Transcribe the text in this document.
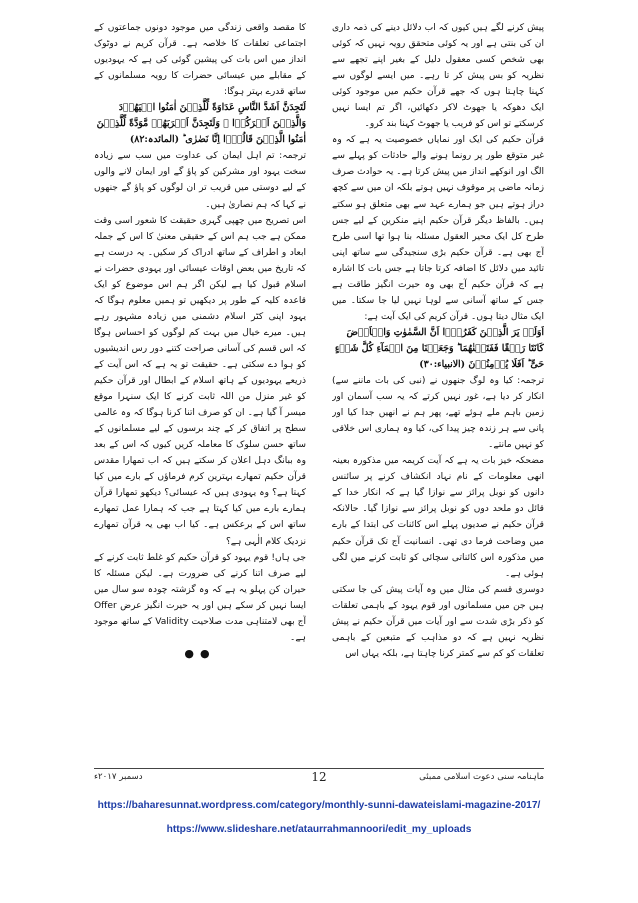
پیش کرنے لگے ہیں کیوں کہ اب دلائل دینے کی ذمہ داری ان کی بنتی ہے اور یہ کوئی متحقق رویہ نہیں کہ کوئی بھی شخص کسی معقول دلیل کے بغیر اپنے تجھے سے نظریہ کو بس پیش کر تا رہے۔ میں ایسے لوگوں سے کہنا چاہتا ہوں کہ جھے قرآن حکیم میں موجود کوئی ایک دھوکہ یا جھوٹ لاکر دکھائیں، اگر تم ایسا نہیں کرسکتے تو اس کو فریب یا جھوٹ کہنا بند کرو۔

قرآن حکیم کی ایک اور نمایاں خصوصیت یہ ہے کہ وہ غیر متوقع طور پر رونما ہونے والے حادثات کو پہلے سے الگ اور انوکھے انداز میں پیش کرتا ہے۔ یہ حوادث صرف زمانہ ماضی پر موقوف نہیں ہوتے بلکہ ان میں سے کچھ دراز ہوتے ہیں جو ہمارے عہد سے بھی متعلق ہو سکتے ہیں۔ بالفاظ دیگر قرآن حکیم اپنے منکرین کے لیے جس طرح کل ایک محیر العقول مسئلہ بنا ہوا تھا اسی طرح آج بھی ہے۔ قرآن حکیم بڑی سنجیدگی سے ساتھ اپنی تائید میں دلائل کا اضافہ کرتا جاتا ہے جس بات کا اشارہ ہے کہ قرآن حکیم آج بھی وہ حیرت انگیز طاقت ہے جس کے ساتھ آسانی سے لوہا نہیں لیا جا سکتا۔ میں ایک مثال دیتا ہوں۔ قرآن کریم کی ایک آیت ہے:

اَوَلَمۡ یَرَ الَّذِیۡنَ کَفَرُوۡۤا اَنَّ السَّمٰوٰتِ وَالۡاَرۡضَ کَانَتَا رَتۡقًا فَفَتَقۡنٰهُمَا ؕ وَجَعَلۡنَا مِنَ الۡمَآءِ کُلَّ شَیۡءٍ حَیٍّ ؕ اَفَلَا یُؤۡمِنُوۡنَ (الانبیاء:۳۰)

ترجمہ: کیا وہ لوگ جنھوں نے (نبی کی بات ماننے سے) انکار کر دیا ہے، غور نہیں کرتے کہ یہ سب آسمان اور زمین باہم ملے ہوئے تھے، پھر ہم نے انھیں جدا کیا اور پانی سے ہر زندہ چیز پیدا کی، کیا وہ ہماری اس خلاقی کو نہیں مانتے۔

مضحکہ خیز بات یہ ہے کہ آیت کریمہ میں مذکورہ بعینہ انھی معلومات کے نام نہاد انکشاف کرنے پر سائنس دانوں کو نوبل پرائز سے نوازا گیا ہے کہ انکار خدا کے قائل دو ملحد دوں کو نوبل پرائز سے نوازا گیا۔ حالانکہ قرآن حکیم نے صدیوں پہلے اس کائنات کی ابتدا کے بارے میں وضاحت فرما دی تھی۔ انسانیت آج تک قرآن حکیم میں مذکورہ اس کائناتی سچائی کو ثابت کرنے میں لگی ہوئی ہے۔

دوسری قسم کی مثال میں وہ آیات پیش کی جا سکتی ہیں جن میں مسلمانوں اور قوم یہود کے باہمی تعلقات کو ذکر بڑی شدت سے اور آیات میں قرآن حکیم نے پیش نظریہ نہیں ہے کہ دو مذاہب کے متبعین کے باہمی تعلقات کو کم سے کمتر کرنا چاہتا ہے، بلکہ یہاں اس

کا مقصد واقعی زندگی میں موجود دونوں جماعتوں کے اجتماعی تعلقات کا خلاصہ ہے۔ قرآن کریم نے دوٹوک انداز میں اس بات کی پیشین گوئی کی ہے کہ یہودیوں کے مقابلے میں عیسائی حضرات کا رویہ مسلمانوں کے ساتھ قدرے بہتر ہوگا:

لَتَجِدَنَّ اَشَدَّ النَّاسِ عَدَاوَةً لِّلَّذِیۡنَ اٰمَنُوا الۡیَهُوۡدَ وَالَّذِیۡنَ اَشۡرَکُوۡا ۚ وَلَتَجِدَنَّ اَقۡرَبَهُمۡ مَّوَدَّةً لِّلَّذِیۡنَ اٰمَنُوا الَّذِیۡنَ قَالُوۡۤا اِنَّا نَصٰرٰی ؕ (المائدہ:۸۲)

ترجمہ: تم اہل ایمان کی عداوت میں سب سے زیادہ سخت یہود اور مشرکین کو پاؤ گے اور ایمان لانے والوں کے لیے دوستی میں قریب تر ان لوگوں کو پاؤ گے جنھوں نے کہا کہ ہم نصاریٰ ہیں۔

اس تصریح میں چھپی گہری حقیقت کا شعور اسی وقت ممکن ہے جب ہم اس کے حقیقی معنیٰ کا اس کے جملہ ابعاد و اطراف کے ساتھ ادراک کر سکیں۔ یہ درست ہے کہ تاریخ میں بعض اوقات عیسائی اور یہودی حضرات نے اسلام قبول کیا ہے لیکن اگر ہم اس موضوع کو ایک قاعدہ کلیہ کے طور پر دیکھیں تو ہمیں معلوم ہوگا کہ یہود اپنی کٹر اسلام دشمنی میں زیادہ مشہور رہے ہیں۔ میرے خیال میں بہت کم لوگوں کو احساس ہوگا کہ اس قسم کی آسانی صراحت کتنے دور رس اندیشیوں کو ہوا دے سکتی ہے۔ حقیقت تو یہ ہے کہ اس آیت کے ذریعے یہودیوں کے ہاتھ اسلام کے ابطال اور قرآن حکیم کو غیر منزل من اللہ ثابت کرنے کا ایک سنہرا موقع میسر آ گیا ہے۔ ان کو صرف اتنا کرنا ہوگا کہ وہ عالمی سطح پر اتفاق کر کے چند برسوں کے لیے مسلمانوں کے ساتھ حسن سلوک کا معاملہ کریں کیوں کہ اس کے بعد وہ ببانگ دہل اعلان کر سکتے ہیں کہ اب تمھارا مقدس قرآن حکیم تمھارے بہترین کرم فرماؤں کے بارے میں کیا کہتا ہے؟ وہ یہودی ہیں کہ عیسائی؟ دیکھو تمھارا قرآن ہمارے بارے میں کیا کہتا ہے جب کہ ہمارا عمل تمھارے ساتھ اس کے برعکس ہے۔ کیا اب بھی یہ قرآن تمھارے نزدیک کلام الٰہی ہے؟

جی ہاں! قوم یہود کو قرآن حکیم کو غلط ثابت کرنے کے لیے صرف اتنا کرنے کی ضرورت ہے۔ لیکن مسئلہ کا حیران کن پہلو یہ ہے کہ وہ گزشتہ چودہ سو سال میں ایسا نہیں کر سکے ہیں اور یہ حیرت انگیز عرض Offer آج بھی لامتناہی مدت صلاحیت Validity کے ساتھ موجود ہے۔

●●

ماہنامہ سنی دعوت اسلامی ممبئی
12
دسمبر ۲۰۱۷ء
https://baharesunnat.wordpress.com/category/monthly-sunni-dawateislami-magazine-2017/
https://www.slideshare.net/ataurrahmannoori/edit_my_uploads
